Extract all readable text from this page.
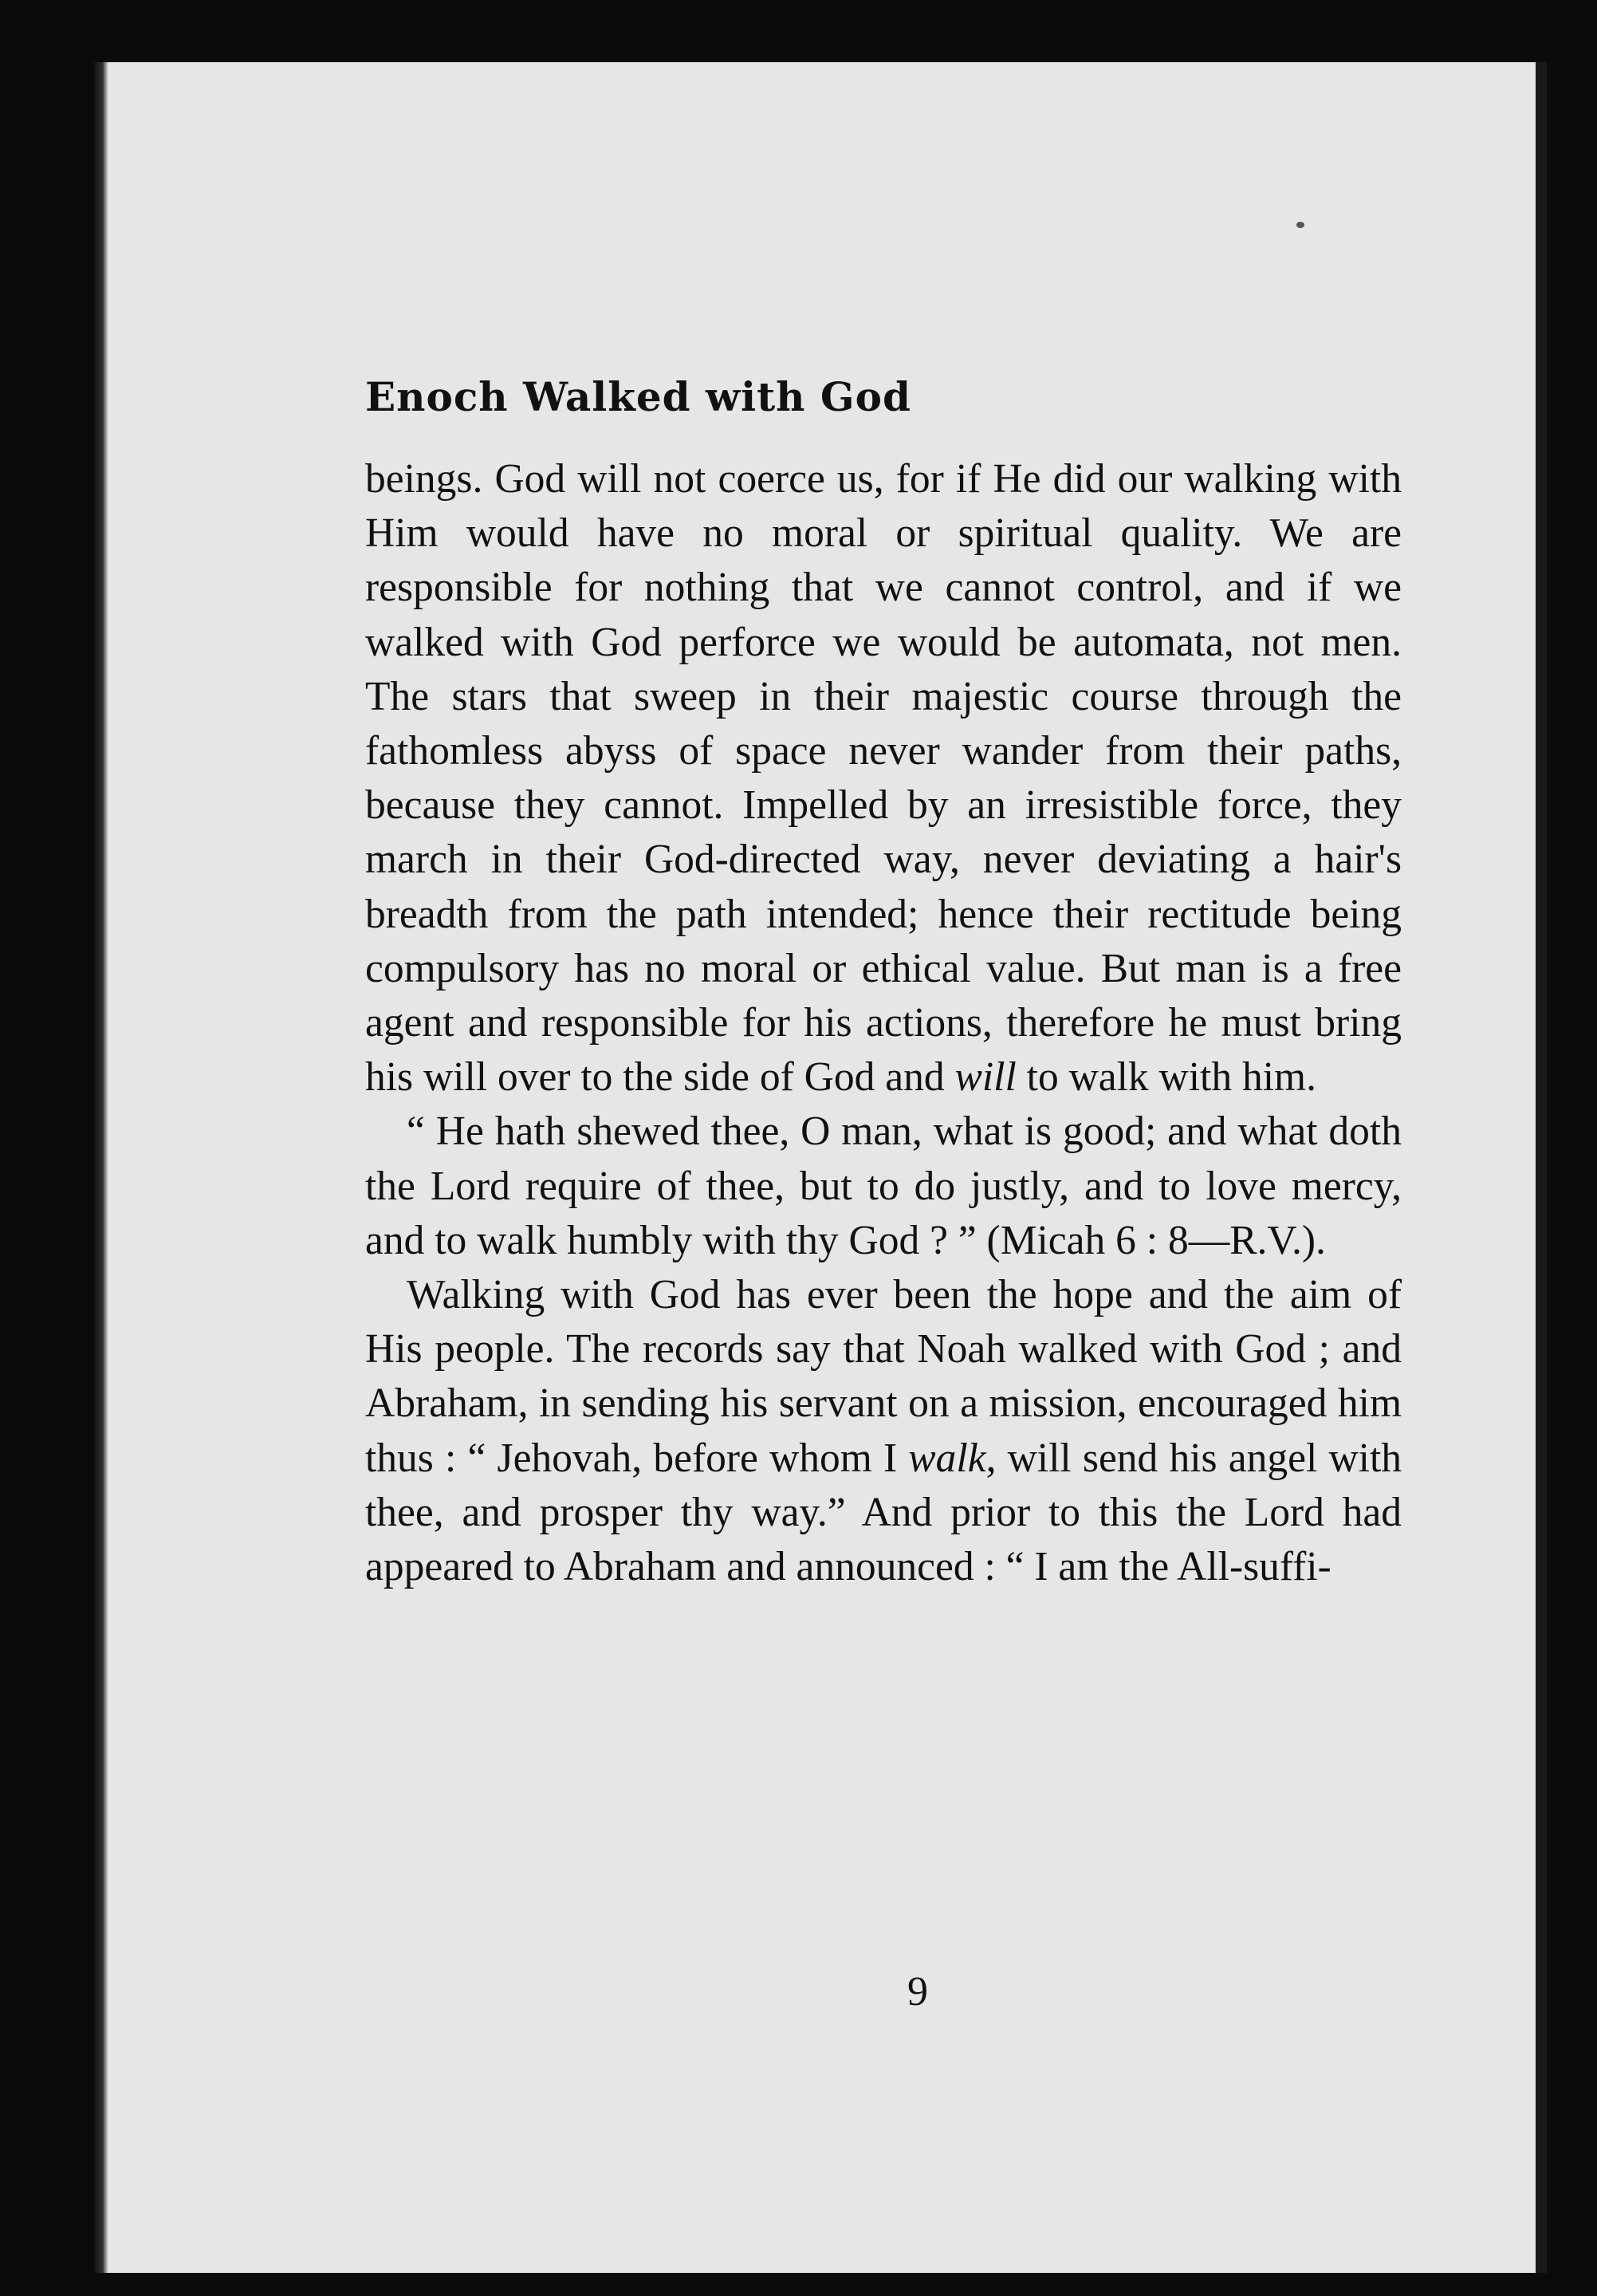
Enoch Walked with God

beings. God will not coerce us, for if He did our walking with Him would have no moral or spiritual quality. We are responsible for nothing that we cannot control, and if we walked with God perforce we would be automata, not men. The stars that sweep in their majestic course through the fathomless abyss of space never wander from their paths, because they cannot. Impelled by an irresistible force, they march in their God-directed way, never deviating a hair's breadth from the path intended; hence their rectitude being compulsory has no moral or ethical value. But man is a free agent and responsible for his actions, therefore he must bring his will over to the side of God and will to walk with him.

“ He hath shewed thee, O man, what is good; and what doth the Lord require of thee, but to do justly, and to love mercy, and to walk humbly with thy God ? ” (Micah 6 : 8—R.V.).

Walking with God has ever been the hope and the aim of His people. The records say that Noah walked with God ; and Abraham, in sending his servant on a mission, encouraged him thus : “ Jehovah, before whom I walk, will send his angel with thee, and prosper thy way.” And prior to this the Lord had appeared to Abraham and announced : “ I am the All-suffi-

9
